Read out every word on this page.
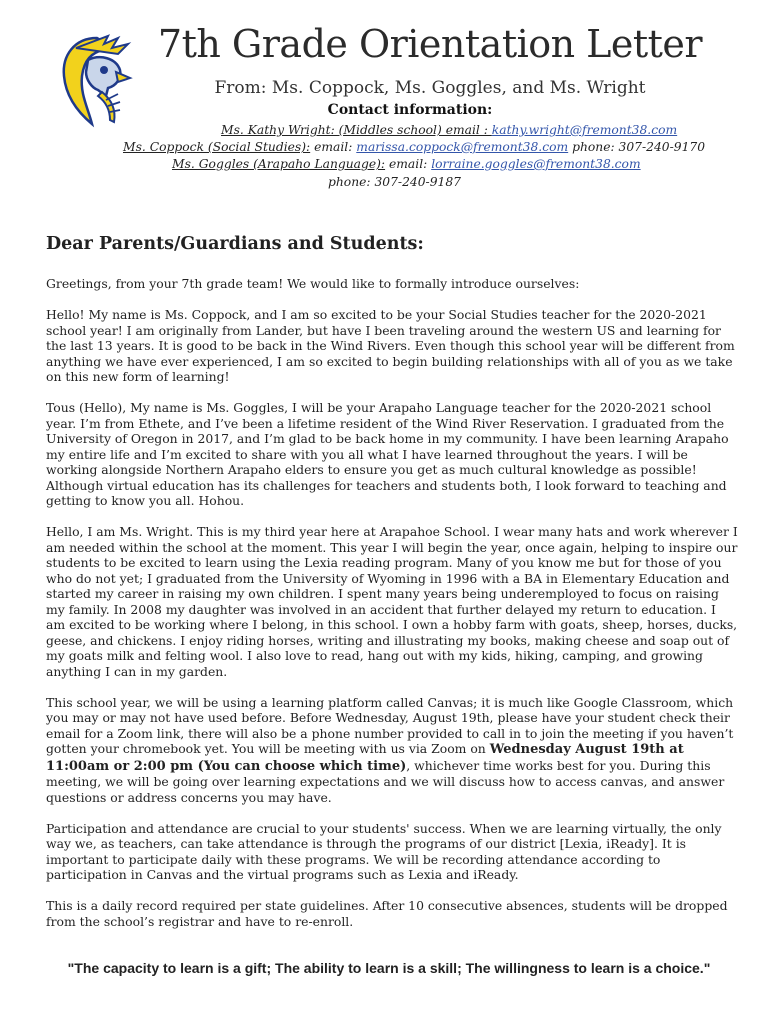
7th Grade Orientation Letter
From: Ms. Coppock, Ms. Goggles, and Ms. Wright
Contact information:
Ms. Kathy Wright: (Middles school) email : kathy.wright@fremont38.com
Ms. Coppock (Social Studies): email: marissa.coppock@fremont38.com phone: 307-240-9170
Ms. Goggles (Arapaho Language): email: lorraine.goggles@fremont38.com
phone: 307-240-9187
Dear Parents/Guardians and Students:

Greetings, from your 7th grade team! We would like to formally introduce ourselves:

Hello! My name is Ms. Coppock, and I am so excited to be your Social Studies teacher for the 2020-2021 school year! I am originally from Lander, but have I been traveling around the western US and learning for the last 13 years. It is good to be back in the Wind Rivers. Even though this school year will be different from anything we have ever experienced, I am so excited to begin building relationships with all of you as we take on this new form of learning!

Tous (Hello), My name is Ms. Goggles, I will be your Arapaho Language teacher for the 2020-2021 school year. I’m from Ethete, and I’ve been a lifetime resident of the Wind River Reservation. I graduated from the University of Oregon in 2017, and I’m glad to be back home in my community. I have been learning Arapaho my entire life and I’m excited to share with you all what I have learned throughout the years. I will be working alongside Northern Arapaho elders to ensure you get as much cultural knowledge as possible! Although virtual education has its challenges for teachers and students both, I look forward to teaching and getting to know you all. Hohou.

Hello, I am Ms. Wright. This is my third year here at Arapahoe School. I wear many hats and work wherever I am needed within the school at the moment. This year I will begin the year, once again, helping to inspire our students to be excited to learn using the Lexia reading program. Many of you know me but for those of you who do not yet; I graduated from the University of Wyoming in 1996 with a BA in Elementary Education and started my career in raising my own children. I spent many years being underemployed to focus on raising my family. In 2008 my daughter was involved in an accident that further delayed my return to education. I am excited to be working where I belong, in this school. I own a hobby farm with goats, sheep, horses, ducks, geese, and chickens. I enjoy riding horses, writing and illustrating my books, making cheese and soap out of my goats milk and felting wool. I also love to read, hang out with my kids, hiking, camping, and growing anything I can in my garden.

This school year, we will be using a learning platform called Canvas; it is much like Google Classroom, which you may or may not have used before. Before Wednesday, August 19th, please have your student check their email for a Zoom link, there will also be a phone number provided to call in to join the meeting if you haven’t gotten your chromebook yet. You will be meeting with us via Zoom on Wednesday August 19th at 11:00am or 2:00 pm (You can choose which time), whichever time works best for you. During this meeting, we will be going over learning expectations and we will discuss how to access canvas, and answer questions or address concerns you may have.

Participation and attendance are crucial to your students' success. When we are learning virtually, the only way we, as teachers, can take attendance is through the programs of our district [Lexia, iReady]. It is important to participate daily with these programs. We will be recording attendance according to participation in Canvas and the virtual programs such as Lexia and iReady.

This is a daily record required per state guidelines. After 10 consecutive absences, students will be dropped from the school’s registrar and have to re-enroll.

"The capacity to learn is a gift; The ability to learn is a skill; The willingness to learn is a choice."
